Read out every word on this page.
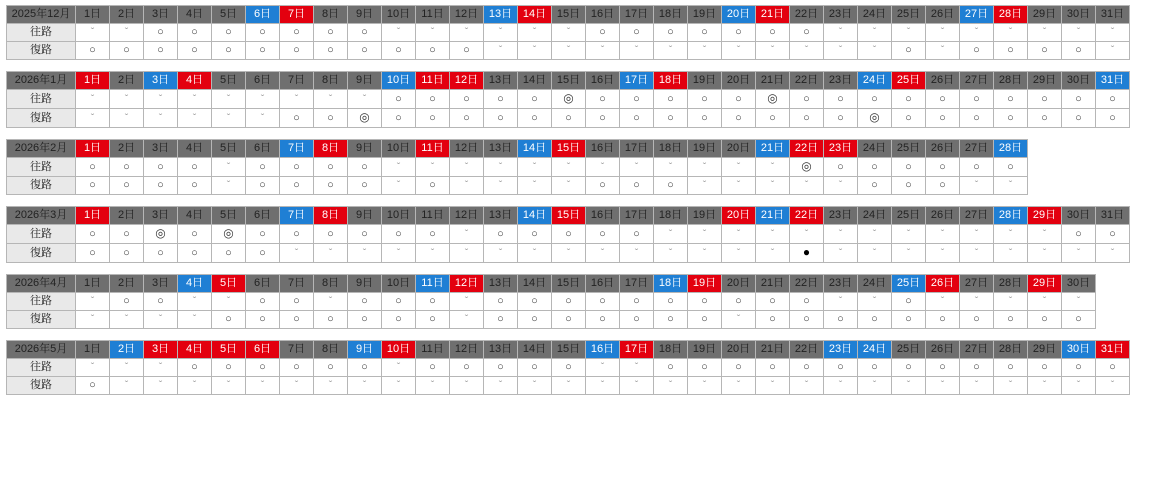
2025年12月	1日	2日	3日	4日	5日	6日	7日	8日	9日	10日	11日	12日	13日	14日	15日	16日	17日	18日	19日	20日	21日	22日	23日	24日	25日	26日	27日	28日	29日	30日	31日
往路	ˇ	ˇ	○	○	○	○	○	○	○	ˇ	ˇ	ˇ	ˇ	ˇ	ˇ	○	○	○	○	○	○	○	ˇ	ˇ	ˇ	ˇ	ˇ	ˇ	ˇ	ˇ	ˇ
復路	○	○	○	○	○	○	○	○	○	○	○	○	ˇ	ˇ	ˇ	ˇ	ˇ	ˇ	ˇ	ˇ	ˇ	ˇ	ˇ	ˇ	○	ˇ	○	○	○	○	ˇ
2026年1月	1日	2日	3日	4日	5日	6日	7日	8日	9日	10日	11日	12日	13日	14日	15日	16日	17日	18日	19日	20日	21日	22日	23日	24日	25日	26日	27日	28日	29日	30日	31日
往路	ˇ	ˇ	ˇ	ˇ	ˇ	ˇ	ˇ	ˇ	ˇ	○	○	○	○	○	◎	○	○	○	○	○	◎	○	○	○	○	○	○	○	○	○	○
復路	ˇ	ˇ	ˇ	ˇ	ˇ	ˇ	○	○	◎	○	○	○	○	○	○	○	○	○	○	○	○	○	○	◎	○	○	○	○	○	○	○
2026年2月	1日	2日	3日	4日	5日	6日	7日	8日	9日	10日	11日	12日	13日	14日	15日	16日	17日	18日	19日	20日	21日	22日	23日	24日	25日	26日	27日	28日
往路	○	○	○	○	ˇ	○	○	○	○	ˇ	ˇ	ˇ	ˇ	ˇ	ˇ	ˇ	ˇ	ˇ	ˇ	ˇ	ˇ	◎	○	○	○	○	○	○
復路	○	○	○	○	ˇ	○	○	○	○	ˇ	○	ˇ	ˇ	ˇ	ˇ	○	○	○	ˇ	ˇ	ˇ	ˇ	ˇ	○	○	○	ˇ	ˇ
2026年3月	1日	2日	3日	4日	5日	6日	7日	8日	9日	10日	11日	12日	13日	14日	15日	16日	17日	18日	19日	20日	21日	22日	23日	24日	25日	26日	27日	28日	29日	30日	31日
往路	○	○	◎	○	◎	○	○	○	○	○	○	ˇ	○	○	○	○	○	ˇ	ˇ	ˇ	ˇ	ˇ	ˇ	ˇ	ˇ	ˇ	ˇ	ˇ	ˇ	○	○
復路	○	○	○	○	○	○	ˇ	ˇ	ˇ	ˇ	ˇ	ˇ	ˇ	ˇ	ˇ	ˇ	ˇ	ˇ	ˇ	ˇ	ˇ	●	ˇ	ˇ	ˇ	ˇ	ˇ	ˇ	ˇ	ˇ	ˇ
2026年4月	1日	2日	3日	4日	5日	6日	7日	8日	9日	10日	11日	12日	13日	14日	15日	16日	17日	18日	19日	20日	21日	22日	23日	24日	25日	26日	27日	28日	29日	30日
往路	ˇ	○	○	ˇ	ˇ	○	○	ˇ	○	○	○	ˇ	○	○	○	○	○	○	○	○	○	○	ˇ	ˇ	○	ˇ	ˇ	ˇ	ˇ	ˇ
復路	ˇ	ˇ	ˇ	ˇ	○	○	○	○	○	○	○	ˇ	○	○	○	○	○	○	○	ˇ	○	○	○	○	○	○	○	○	○	○
2026年5月	1日	2日	3日	4日	5日	6日	7日	8日	9日	10日	11日	12日	13日	14日	15日	16日	17日	18日	19日	20日	21日	22日	23日	24日	25日	26日	27日	28日	29日	30日	31日
往路	ˇ	ˇ	ˇ	○	○	○	○	○	○	ˇ	○	○	○	○	○	ˇ	ˇ	○	○	○	○	○	○	○	○	○	○	○	○	○	○
復路	○	ˇ	ˇ	ˇ	ˇ	ˇ	ˇ	ˇ	ˇ	ˇ	ˇ	ˇ	ˇ	ˇ	ˇ	ˇ	ˇ	ˇ	ˇ	ˇ	ˇ	ˇ	ˇ	ˇ	ˇ	ˇ	ˇ	ˇ	ˇ	ˇ	ˇ
